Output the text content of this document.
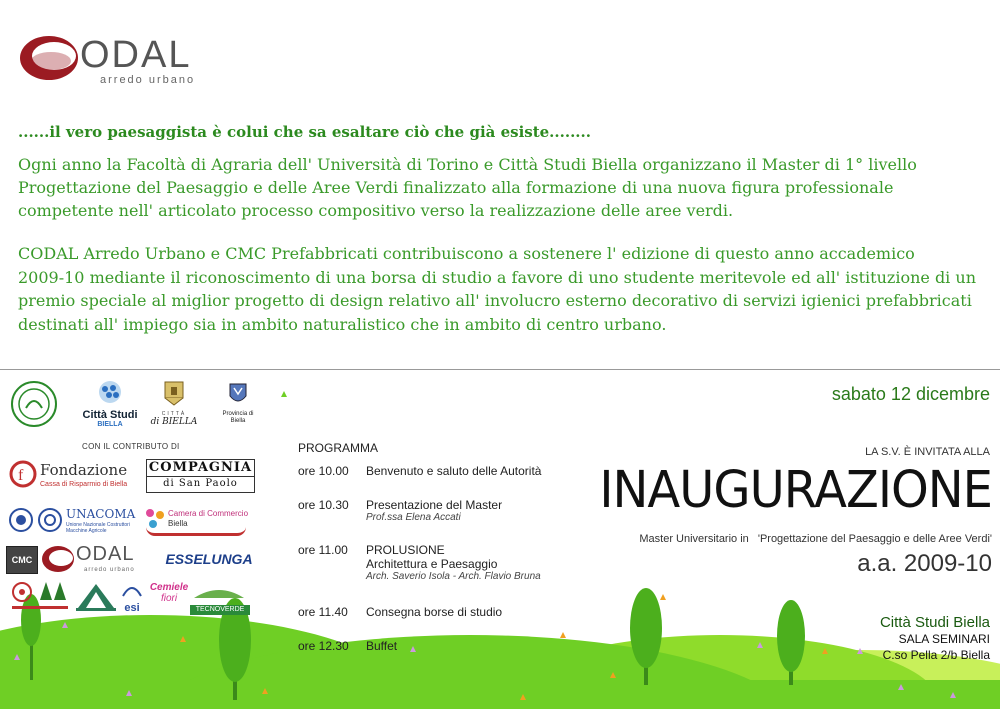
ODAL
arredo urbano

......il vero paesaggista è colui che sa esaltare ciò che già esiste........

Ogni anno la Facoltà di Agraria dell' Università di Torino e Città Studi Biella organizzano il Master di 1° livello

Progettazione del Paesaggio e delle Aree Verdi finalizzato alla formazione di una nuova figura professionale

competente nell' articolato processo compositivo verso la realizzazione delle aree verdi.

CODAL Arredo Urbano e CMC Prefabbricati contribuiscono a sostenere l' edizione di questo anno accademico

2009-10 mediante il riconoscimento di una borsa di studio a favore di uno studente meritevole ed all' istituzione di un

premio speciale al miglior progetto di design relativo all' involucro esterno decorativo di servizi igienici prefabbricati

destinati all' impiego sia in ambito naturalistico che in ambito di centro urbano.

Città Studi
BIELLA
CITTÀ
di BIELLA
Provincia di
Biella
CON IL CONTRIBUTO DI
f Fondazione
Cassa di Risparmio di Biella
COMPAGNIA
di San Paolo
UNACOMA
Unione Nazionale Costruttori Macchine Agricole
Camera di Commercio
Biella
CMC ODAL
arredo urbano
ESSELUNGA
esi
Cemiele
fiori
TECNOVERDE
PROGRAMMA
ore 10.00 Benvenuto e saluto delle Autorità
ore 10.30 Presentazione del Master
Prof.ssa Elena Accati
ore 11.00 PROLUSIONE
Architettura e Paesaggio
Arch. Saverio Isola - Arch. Flavio Bruna
ore 11.40 Consegna borse di studio
ore 12.30 Buffet
sabato 12 dicembre
LA S.V. È INVITATA ALLA
INAUGURAZIONE
Master Universitario in 'Progettazione del Paesaggio e delle Aree Verdi'
a.a. 2009-10
Città Studi Biella
SALA SEMINARI
C.so Pella 2/b Biella
